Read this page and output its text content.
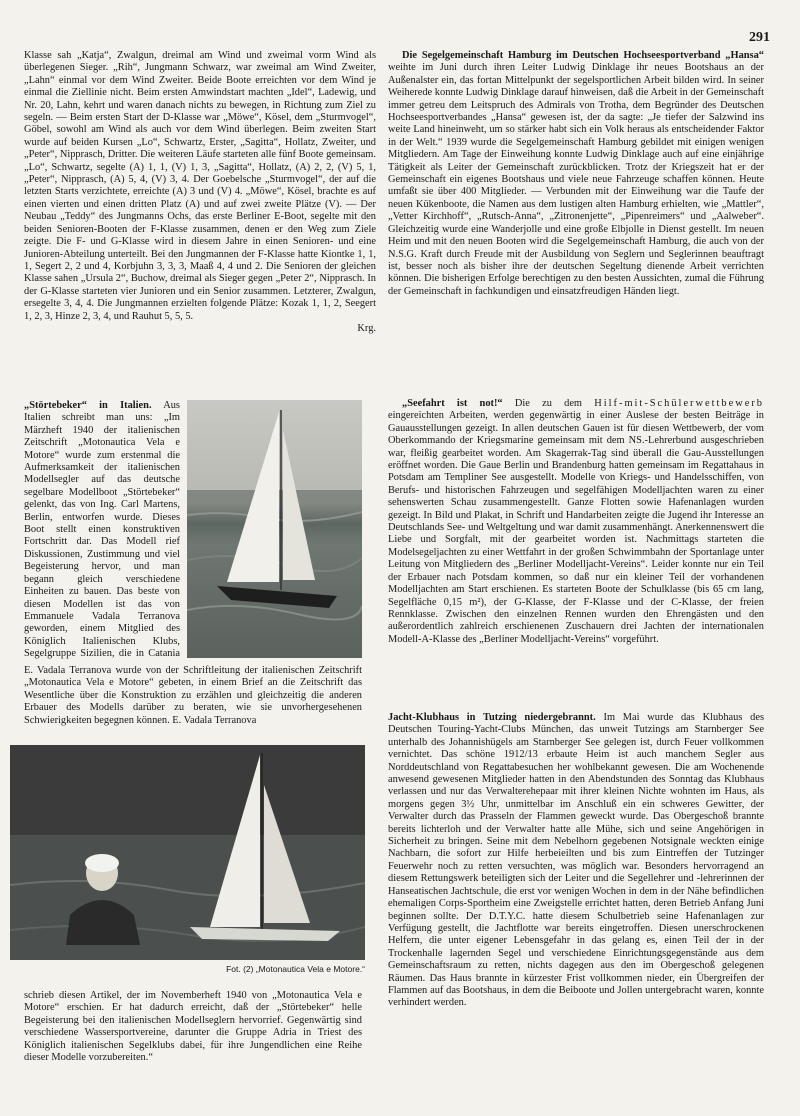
291

Klasse sah „Katja“, Zwalgun, dreimal am Wind und zweimal vorm Wind als überlegenen Sieger. „Rih“, Jungmann Schwarz, war zweimal am Wind Zweiter, „Lahn“ einmal vor dem Wind Zweiter. Beide Boote erreichten vor dem Wind je einmal die Ziellinie nicht. Beim ersten Amwindstart machten „Idel“, Ladewig, und Nr. 20, Lahn, kehrt und waren danach nichts zu bewegen, in Richtung zum Ziel zu segeln. — Beim ersten Start der D-Klasse war „Möwe“, Kösel, dem „Sturmvogel“, Göbel, sowohl am Wind als auch vor dem Wind überlegen. Beim zweiten Start wurde auf beiden Kursen „Lo“, Schwartz, Erster, „Sagitta“, Hollatz, Zweiter, und „Peter“, Nipprasch, Dritter. Die weiteren Läufe starteten alle fünf Boote gemeinsam. „Lo“, Schwartz, segelte (A) 1, 1, (V) 1, 3, „Sagitta“, Hollatz, (A) 2, 2, (V) 5, 1, „Peter“, Nipprasch, (A) 5, 4, (V) 3, 4. Der Goebelsche „Sturmvogel“, der auf die letzten Starts verzichtete, erreichte (A) 3 und (V) 4. „Möwe“, Kösel, brachte es auf einen vierten und einen dritten Platz (A) und auf zwei zweite Plätze (V). — Der Neubau „Teddy“ des Jungmanns Ochs, das erste Berliner E-Boot, segelte mit den beiden Senioren-Booten der F-Klasse zusammen, denen er den Weg zum Ziele zeigte. Die F- und G-Klasse wird in diesem Jahre in einen Senioren- und eine Junioren-Abteilung unterteilt. Bei den Jungmannen der F-Klasse hatte Kiontke 1, 1, 1, Segert 2, 2 und 4, Korbjuhn 3, 3, 3, Maaß 4, 4 und 2. Die Senioren der gleichen Klasse sahen „Ursula 2“, Buchow, dreimal als Sieger gegen „Peter 2“, Nipprasch. In der G-Klasse starteten vier Junioren und ein Senior zusammen. Letzterer, Zwalgun, ersegelte 3, 4, 4. Die Jungmannen erzielten folgende Plätze: Kozak 1, 1, 2, Seegert 1, 2, 3, Hinze 2, 3, 4, und Rauhut 5, 5, 5.

Krg.

„Störtebeker“ in Italien. Aus Italien schreibt man uns: „Im Märzheft 1940 der italienischen Zeitschrift „Motonautica Vela e Motore“ wurde zum erstenmal die Aufmerksamkeit der italienischen Modellsegler auf das deutsche segelbare Modellboot „Störtebeker“ gelenkt, das von Ing. Carl Martens, Berlin, entworfen wurde. Dieses Boot stellt einen konstruktiven Fortschritt dar. Das Modell rief Diskussionen, Zustimmung und viel Begeisterung hervor, und man begann gleich verschiedene Einheiten zu bauen. Das beste von diesen Modellen ist das von Emmanuele Vadala Terranova geworden, einem Mitglied des Königlich Italienischen Klubs, Segelgruppe Sizilien, die in Catania

E. Vadala Terranova wurde von der Schriftleitung der italienischen Zeitschrift „Motonautica Vela e Motore“ gebeten, in einem Brief an die Zeitschrift das Wesentliche über die Konstruktion zu erzählen und gleichzeitig die anderen Erbauer des Modells darüber zu beraten, wie sie unvorhergesehenen Schwierigkeiten begegnen können. E. Vadala Terranova

Fot. (2) „Motonautica Vela e Motore.“

schrieb diesen Artikel, der im Novemberheft 1940 von „Motonautica Vela e Motore“ erschien. Er hat dadurch erreicht, daß der „Störtebeker“ helle Begeisterung bei den italienischen Modellseglern hervorrief. Gegenwärtig sind verschiedene Wassersportvereine, darunter die Gruppe Adria in Triest des Königlich italienischen Segelklubs dabei, für ihre Jungendlichen eine Reihe dieser Modelle vorzubereiten.“

Die Segelgemeinschaft Hamburg im Deutschen Hochseesportverband „Hansa“ weihte im Juni durch ihren Leiter Ludwig Dinklage ihr neues Bootshaus an der Außenalster ein, das fortan Mittelpunkt der segelsportlichen Arbeit bilden wird. In seiner Weiherede konnte Ludwig Dinklage darauf hinweisen, daß die Arbeit in der Gemeinschaft immer getreu dem Leitspruch des Admirals von Trotha, dem Begründer des Deutschen Hochseesportverbandes „Hansa“ gewesen ist, der da sagte: „Je tiefer der Salzwind ins weite Land hineinweht, um so stärker habt sich ein Volk heraus als entscheidender Faktor in der Welt.“ 1939 wurde die Segelgemeinschaft Hamburg gebildet mit einigen wenigen Mitgliedern. Am Tage der Einweihung konnte Ludwig Dinklage auch auf eine einjährige Tätigkeit als Leiter der Gemeinschaft zurückblicken. Trotz der Kriegszeit hat er der Gemeinschaft ein eigenes Bootshaus und viele neue Fahrzeuge schaffen können. Heute umfaßt sie über 400 Mitglieder. — Verbunden mit der Einweihung war die Taufe der neuen Kükenboote, die Namen aus dem lustigen alten Hamburg erhielten, wie „Mattler“, „Vetter Kirchhoff“, „Rutsch-Anna“, „Zitronenjette“, „Pipenreimers“ und „Aalweber“. Gleichzeitig wurde eine Wanderjolle und eine große Elbjolle in Dienst gestellt. Im neuen Heim und mit den neuen Booten wird die Segelgemeinschaft Hamburg, die auch von der N.S.G. Kraft durch Freude mit der Ausbildung von Seglern und Seglerinnen beauftragt ist, besser noch als bisher ihre der deutschen Segeltung dienende Arbeit verrichten können. Die bisherigen Erfolge berechtigen zu den besten Aussichten, zumal die Führung der Gemeinschaft in fachkundigen und einsatzfreudigen Händen liegt.

„Seefahrt ist not!“ Die zu dem Hilf-mit-Schülerwettbewerb eingereichten Arbeiten, werden gegenwärtig in einer Auslese der besten Beiträge in Gauausstellungen gezeigt. In allen deutschen Gauen ist für diesen Wettbewerb, der vom Oberkommando der Kriegsmarine gemeinsam mit dem NS.-Lehrerbund ausgeschrieben war, fleißig gearbeitet worden. Am Skagerrak-Tag sind überall die Gau-Ausstellungen eröffnet worden. Die Gaue Berlin und Brandenburg hatten gemeinsam im Regattahaus in Potsdam am Templiner See ausgestellt. Modelle von Kriegs- und Handelsschiffen, von Berufs- und historischen Fahrzeugen und segelfähigen Modelljachten waren zu einer sehenswerten Schau zusammengestellt. Ganze Flotten sowie Hafenanlagen wurden gezeigt. In Bild und Plakat, in Schrift und Handarbeiten zeigte die Jugend ihr Interesse an Deutschlands See- und Weltgeltung und war damit zusammenhängt. Anerkennenswert die Liebe und Sorgfalt, mit der gearbeitet worden ist. Nachmittags starteten die Modelsegeljachten zu einer Wettfahrt in der großen Schwimmbahn der Sportanlage unter Leitung von Mitgliedern des „Berliner Modelljacht-Vereins“. Leider konnte nur ein Teil der Erbauer nach Potsdam kommen, so daß nur ein kleiner Teil der vorhandenen Modelljachten am Start erschienen. Es starteten Boote der Schulklasse (bis 65 cm lang, Segelfläche 0,15 m²), der G-Klasse, der F-Klasse und der C-Klasse, der freien Rennklasse. Zwischen den einzelnen Rennen wurden den Ehrengästen und den außerordentlich zahlreich erschienenen Zuschauern drei Jachten der internationalen Modell-A-Klasse des „Berliner Modelljacht-Vereins“ vorgeführt.

Jacht-Klubhaus in Tutzing niedergebrannt. Im Mai wurde das Klubhaus des Deutschen Touring-Yacht-Clubs München, das unweit Tutzings am Starnberger See unterhalb des Johannishügels am Starnberger See gelegen ist, durch Feuer vollkommen vernichtet. Das schöne 1912/13 erbaute Heim ist auch manchem Segler aus Norddeutschland von Regattabesuchen her wohlbekannt gewesen. Die am Wochenende anwesend gewesenen Mitglieder hatten in den Abendstunden des Sonntag das Klubhaus verlassen und nur das Verwalterehepaar mit ihrer kleinen Nichte wohnten im Haus, als morgens gegen 3½ Uhr, unmittelbar im Anschluß ein ein schweres Gewitter, der Verwalter durch das Prasseln der Flammen geweckt wurde. Das Obergeschoß brannte bereits lichterloh und der Verwalter hatte alle Mühe, sich und seine Angehörigen in Sicherheit zu bringen. Seine mit dem Nebelhorn gegebenen Notsignale weckten einige Nachbarn, die sofort zur Hilfe herbeieilten und bis zum Eintreffen der Tutzinger Feuerwehr noch zu retten versuchten, was möglich war. Besonders hervorragend an diesem Rettungswerk beteiligten sich der Leiter und die Segellehrer und -lehrerinnen der Hanseatischen Jachtschule, die erst vor wenigen Wochen in dem in der Nähe befindlichen ehemaligen Corps-Sportheim eine Zweigstelle errichtet hatten, deren Betrieb Anfang Juni beginnen sollte. Der D.T.Y.C. hatte diesem Schulbetrieb seine Hafenanlagen zur Verfügung gestellt, die Jachtflotte war bereits eingetroffen. Diesen unerschrockenen Helfern, die unter eigener Lebensgefahr in das gelang es, einen Teil der in der Trockenhalle lagernden Segel und verschiedene Einrichtungsgegenstände aus dem Gemeinschaftsraum zu retten, nichts dagegen aus den im Obergeschoß gelegenen Räumen. Das Haus brannte in kürzester Frist vollkommen nieder, ein Übergreifen der Flammen auf das Bootshaus, in dem die Beiboote und Jollen untergebracht waren, konnte verhindert werden.
